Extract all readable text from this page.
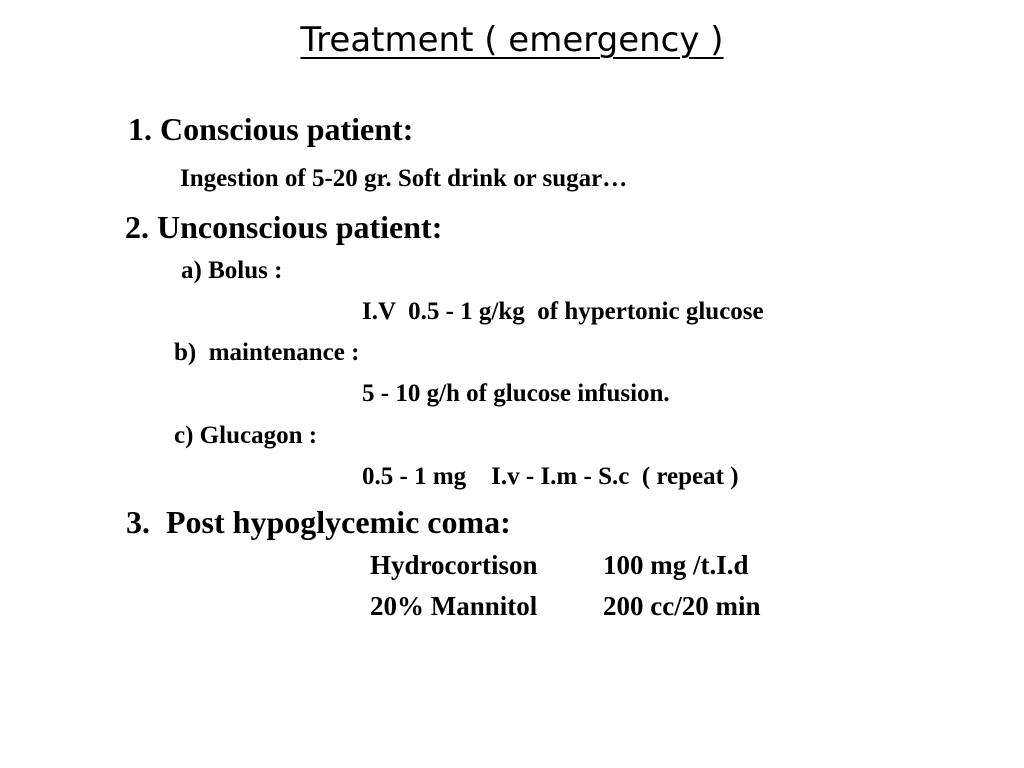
Treatment ( emergency )
1. Conscious patient:
Ingestion of 5-20 gr. Soft drink or sugar…
2. Unconscious patient:
a) Bolus :
I.V  0.5 - 1 g/kg  of hypertonic glucose
b)  maintenance :
5 - 10 g/h of glucose infusion.
c) Glucagon :
0.5 - 1 mg    I.v - I.m - S.c  ( repeat )
3.  Post hypoglycemic coma:
Hydrocortison 100 mg /t.I.d
20% Mannitol 200 cc/20 min
